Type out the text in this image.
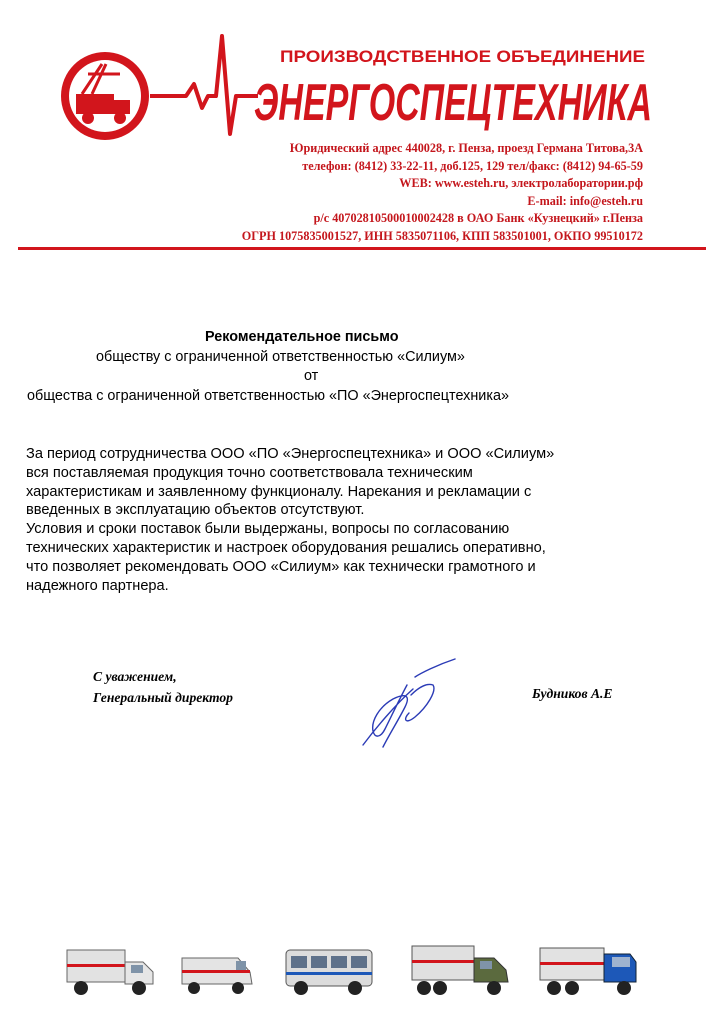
ПРОИЗВОДСТВЕННОЕ ОБЪЕДИНЕНИЕ
ЭНЕРГОСПЕЦТЕХНИКА
Юридический адрес 440028, г. Пенза, проезд Германа Титова,3А
телефон: (8412) 33-22-11, доб.125, 129 тел/факс: (8412) 94-65-59
WEB: www.esteh.ru, электролаборатории.рф
E-mail: info@esteh.ru
р/с 40702810500010002428 в ОАО Банк «Кузнецкий» г.Пенза
ОГРН 1075835001527, ИНН 5835071106, КПП 583501001, ОКПО 99510172
Рекомендательное письмо
обществу с ограниченной ответственностью «Силиум»
от
общества с ограниченной ответственностью «ПО «Энергоспецтехника»
За период сотрудничества ООО «ПО «Энергоспецтехника» и ООО «Силиум»
вся поставляемая продукция точно соответствовала техническим
характеристикам и заявленному функционалу. Нарекания и рекламации с
введенных в эксплуатацию объектов отсутствуют.
Условия и сроки поставок были выдержаны, вопросы по согласованию
технических характеристик и настроек оборудования решались оперативно,
что позволяет рекомендовать ООО «Силиум» как технически грамотного и
надежного партнера.
С уважением,
Генеральный директор	Будников А.Е
